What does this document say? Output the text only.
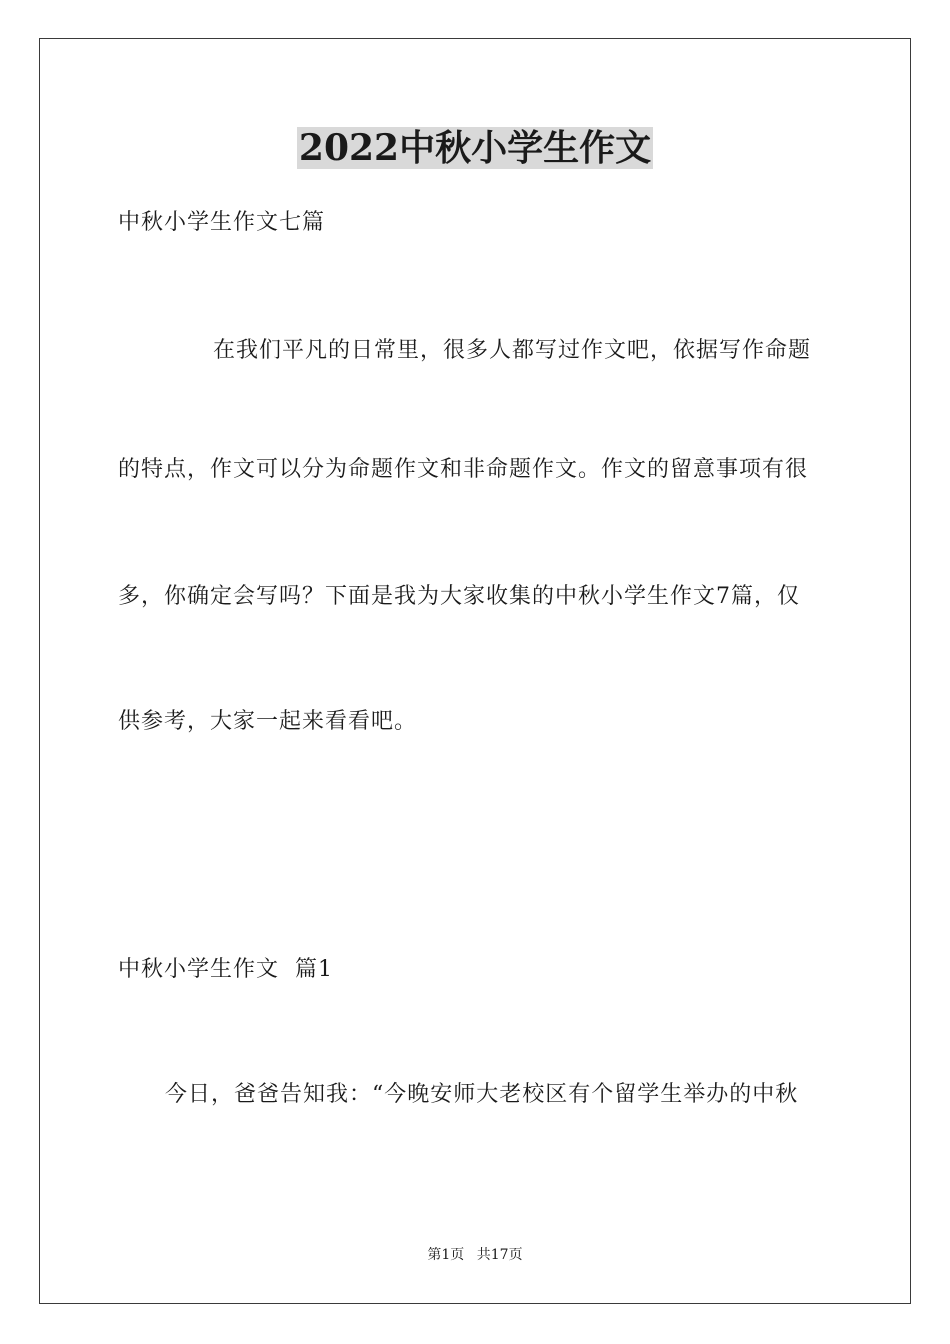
2022中秋小学生作文
中秋小学生作文七篇
在我们平凡的日常里，很多人都写过作文吧，依据写作命题
的特点，作文可以分为命题作文和非命题作文。作文的留意事项有很
多，你确定会写吗？下面是我为大家收集的中秋小学生作文7篇，仅
供参考，大家一起来看看吧。
中秋小学生作文  篇1
今日，爸爸告知我：“今晚安师大老校区有个留学生举办的中秋
第1页 共17页
